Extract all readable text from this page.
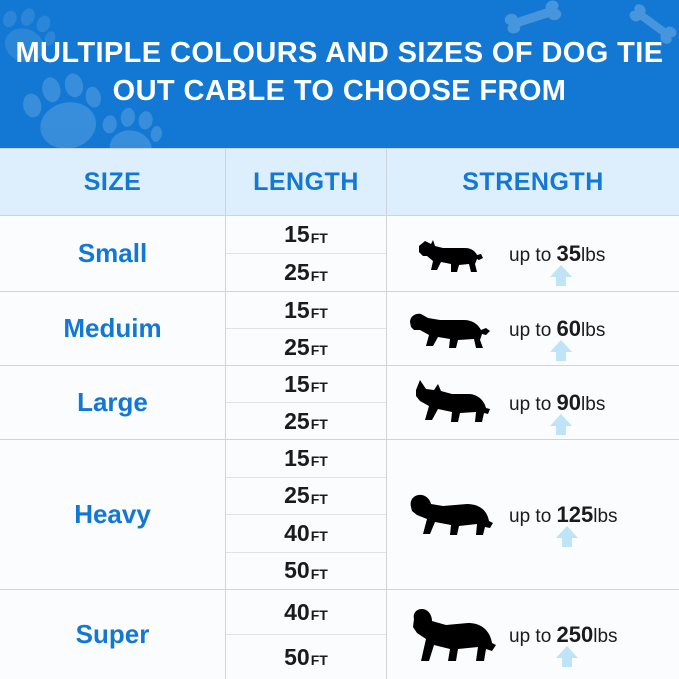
MULTIPLE COLOURS AND SIZES OF DOG TIE OUT CABLE TO CHOOSE FROM
SIZE	LENGTH	STRENGTH
Small
15 FT
25 FT
up to 35lbs
Meduim
15 FT
25 FT
up to 60lbs
Large
15 FT
25 FT
up to 90lbs
Heavy
15 FT
25 FT
40 FT
50 FT
up to 125lbs
Super
40 FT
50 FT
up to 250lbs
